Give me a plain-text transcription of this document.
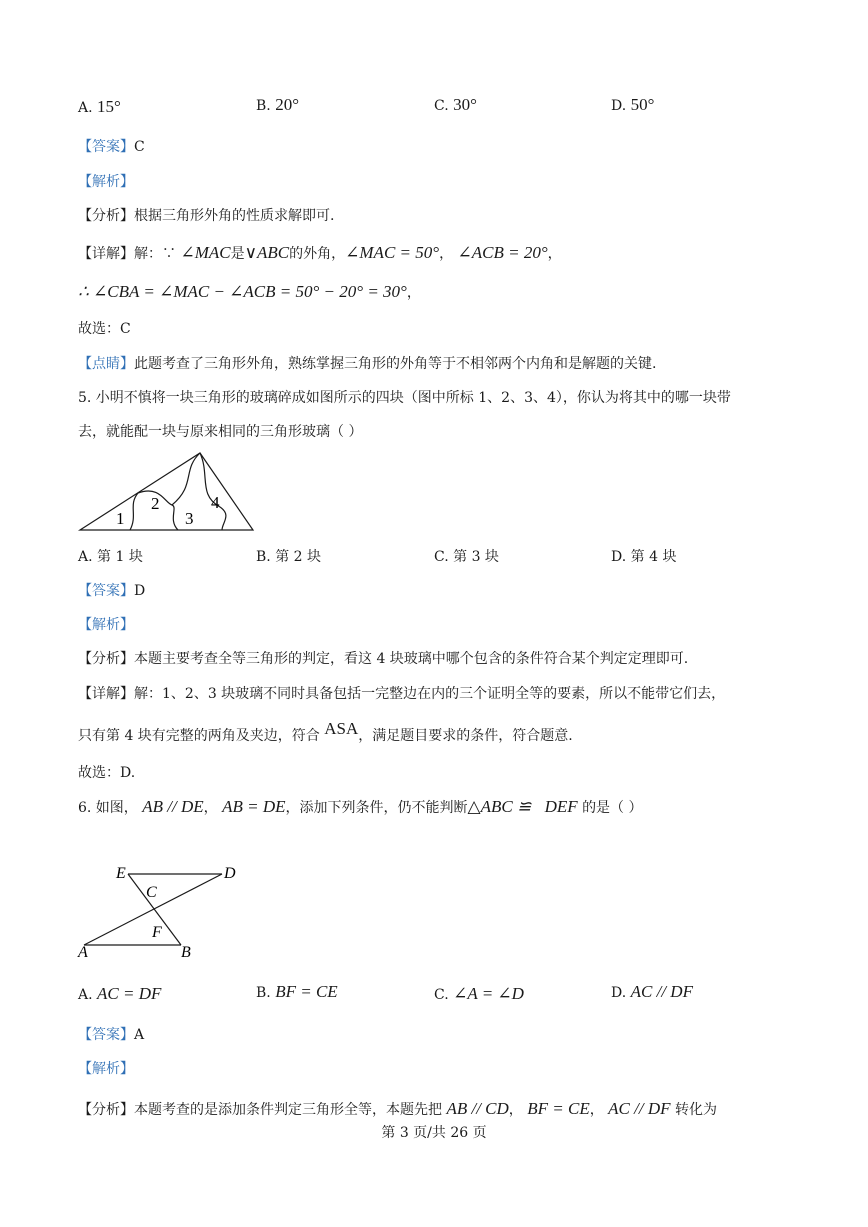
A. 15°	B. 20°	C. 30°	D. 50°
【答案】C
【解析】
【分析】根据三角形外角的性质求解即可.
【详解】解：∵ ∠MAC是∨ABC的外角，∠MAC = 50°， ∠ACB = 20°，
∴ ∠CBA = ∠MAC − ∠ACB = 50° − 20° = 30°，
故选：C
【点睛】此题考查了三角形外角，熟练掌握三角形的外角等于不相邻两个内角和是解题的关键.
5. 小明不慎将一块三角形的玻璃碎成如图所示的四块（图中所标 1、2、3、4），你认为将其中的哪一块带
去，就能配一块与原来相同的三角形玻璃（ ）
1
2
3
4
A. 第 1 块	B. 第 2 块	C. 第 3 块	D. 第 4 块
【答案】D
【解析】
【分析】本题主要考查全等三角形的判定，看这 4 块玻璃中哪个包含的条件符合某个判定定理即可.
【详解】解：1、2、3 块玻璃不同时具备包括一完整边在内的三个证明全等的要素，所以不能带它们去，
只有第 4 块有完整的两角及夹边，符合 ASA，满足题目要求的条件，符合题意.
故选：D.
6. 如图， AB // DE， AB = DE，添加下列条件，仍不能判断△ABC ≌ DEF 的是（ ）
E	D
C
F
A	B
A. AC = DF	B. BF = CE	C. ∠A = ∠D	D. AC // DF
【答案】A
【解析】
【分析】本题考查的是添加条件判定三角形全等，本题先把 AB // CD， BF = CE， AC // DF 转化为
第 3 页/共 26 页
